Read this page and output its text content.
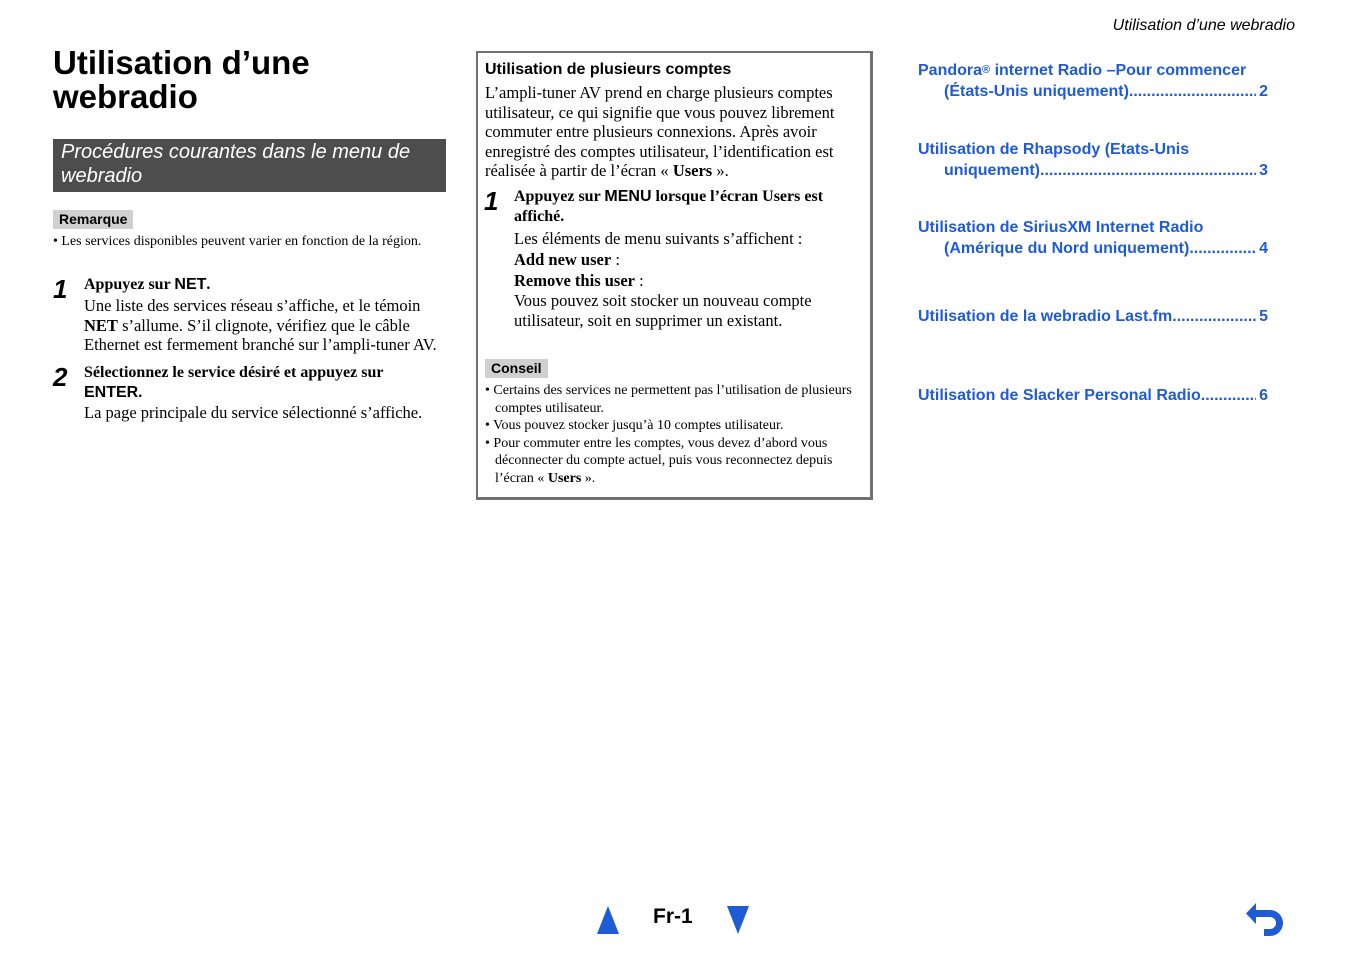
Utilisation d’une webradio
Utilisation d’une webradio
Procédures courantes dans le menu de webradio
Remarque
• Les services disponibles peuvent varier en fonction de la région.
1 Appuyez sur NET.
Une liste des services réseau s’affiche, et le témoin NET s’allume. S’il clignote, vérifiez que le câble Ethernet est fermement branché sur l’ampli-tuner AV.
2 Sélectionnez le service désiré et appuyez sur ENTER.
La page principale du service sélectionné s’affiche.
Utilisation de plusieurs comptes
L’ampli-tuner AV prend en charge plusieurs comptes utilisateur, ce qui signifie que vous pouvez librement commuter entre plusieurs connexions. Après avoir enregistré des comptes utilisateur, l’identification est réalisée à partir de l’écran « Users ».
1 Appuyez sur MENU lorsque l’écran Users est affiché.
Les éléments de menu suivants s’affichent :
Add new user :
Remove this user :
Vous pouvez soit stocker un nouveau compte utilisateur, soit en supprimer un existant.
Conseil
• Certains des services ne permettent pas l’utilisation de plusieurs comptes utilisateur.
• Vous pouvez stocker jusqu’à 10 comptes utilisateur.
• Pour commuter entre les comptes, vous devez d’abord vous déconnecter du compte actuel, puis vous reconnectez depuis l’écran « Users ».
Pandora® internet Radio –Pour commencer
(États-Unis uniquement) .....	2
Utilisation de Rhapsody (Etats-Unis
uniquement) .....	3
Utilisation de SiriusXM Internet Radio
(Amérique du Nord uniquement) .....	4
Utilisation de la webradio Last.fm .....	5
Utilisation de Slacker Personal Radio .....	6
Fr-1
